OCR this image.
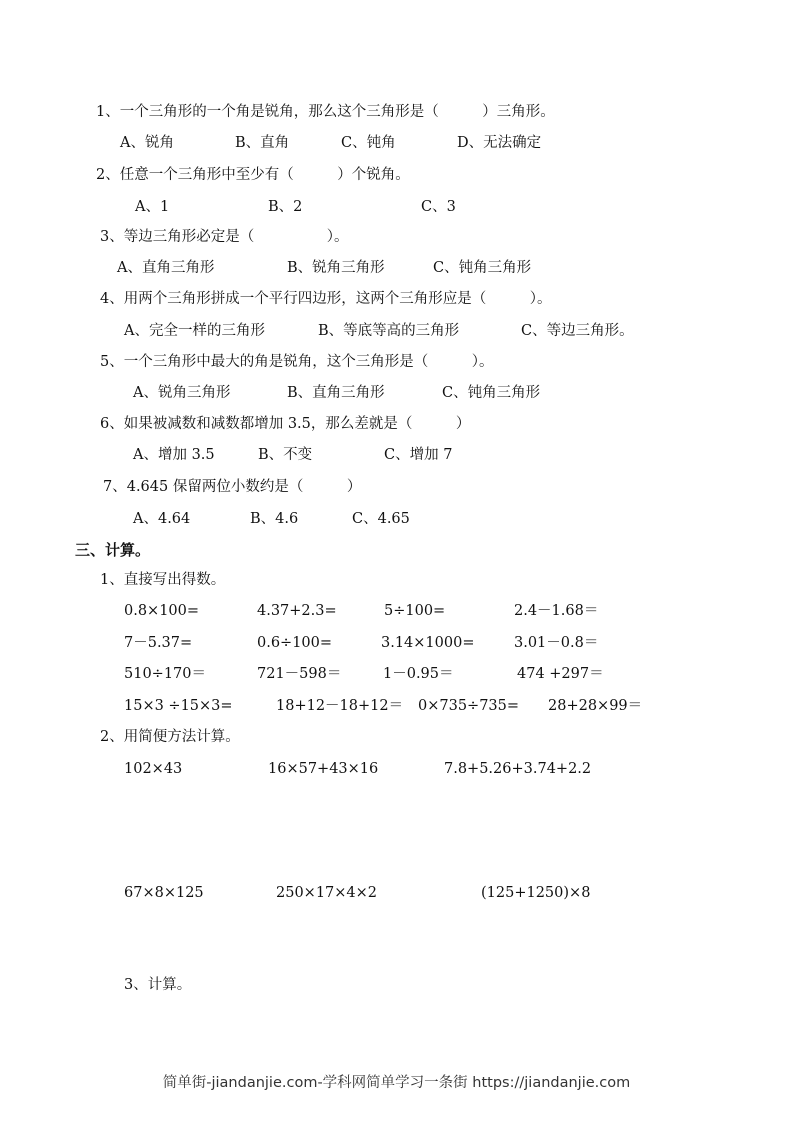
1、一个三角形的一个角是锐角，那么这个三角形是（　　　）三角形。
A、锐角	B、直角	C、钝角	D、无法确定
2、任意一个三角形中至少有（　　　）个锐角。
A、1	B、2	C、3
3、等边三角形必定是（　　　　　）。
A、直角三角形	B、锐角三角形	C、钝角三角形
4、用两个三角形拼成一个平行四边形，这两个三角形应是（　　　）。
A、完全一样的三角形	B、等底等高的三角形	C、等边三角形。
5、一个三角形中最大的角是锐角，这个三角形是（　　　）。
A、锐角三角形	B、直角三角形	C、钝角三角形
6、如果被减数和减数都增加 3.5，那么差就是（　　　）
A、增加 3.5	B、不变	C、增加 7
7、4.645 保留两位小数约是（　　　）
A、4.64	B、4.6	C、4.65
三、计算。
1、直接写出得数。
0.8×100=	4.37+2.3=	5÷100=	2.4－1.68＝
7－5.37=	0.6÷100=	3.14×1000=	3.01－0.8＝
510÷170＝	721－598＝	1－0.95＝	474 +297＝
15×3 ÷15×3=	18+12－18+12＝ 0×735÷735= 28+28×99＝
2、用简便方法计算。
102×43	16×57+43×16	7.8+5.26+3.74+2.2
67×8×125	250×17×4×2	(125+1250)×8
3、计算。
简单街-jiandanjie.com-学科网简单学习一条街 https://jiandanjie.com
